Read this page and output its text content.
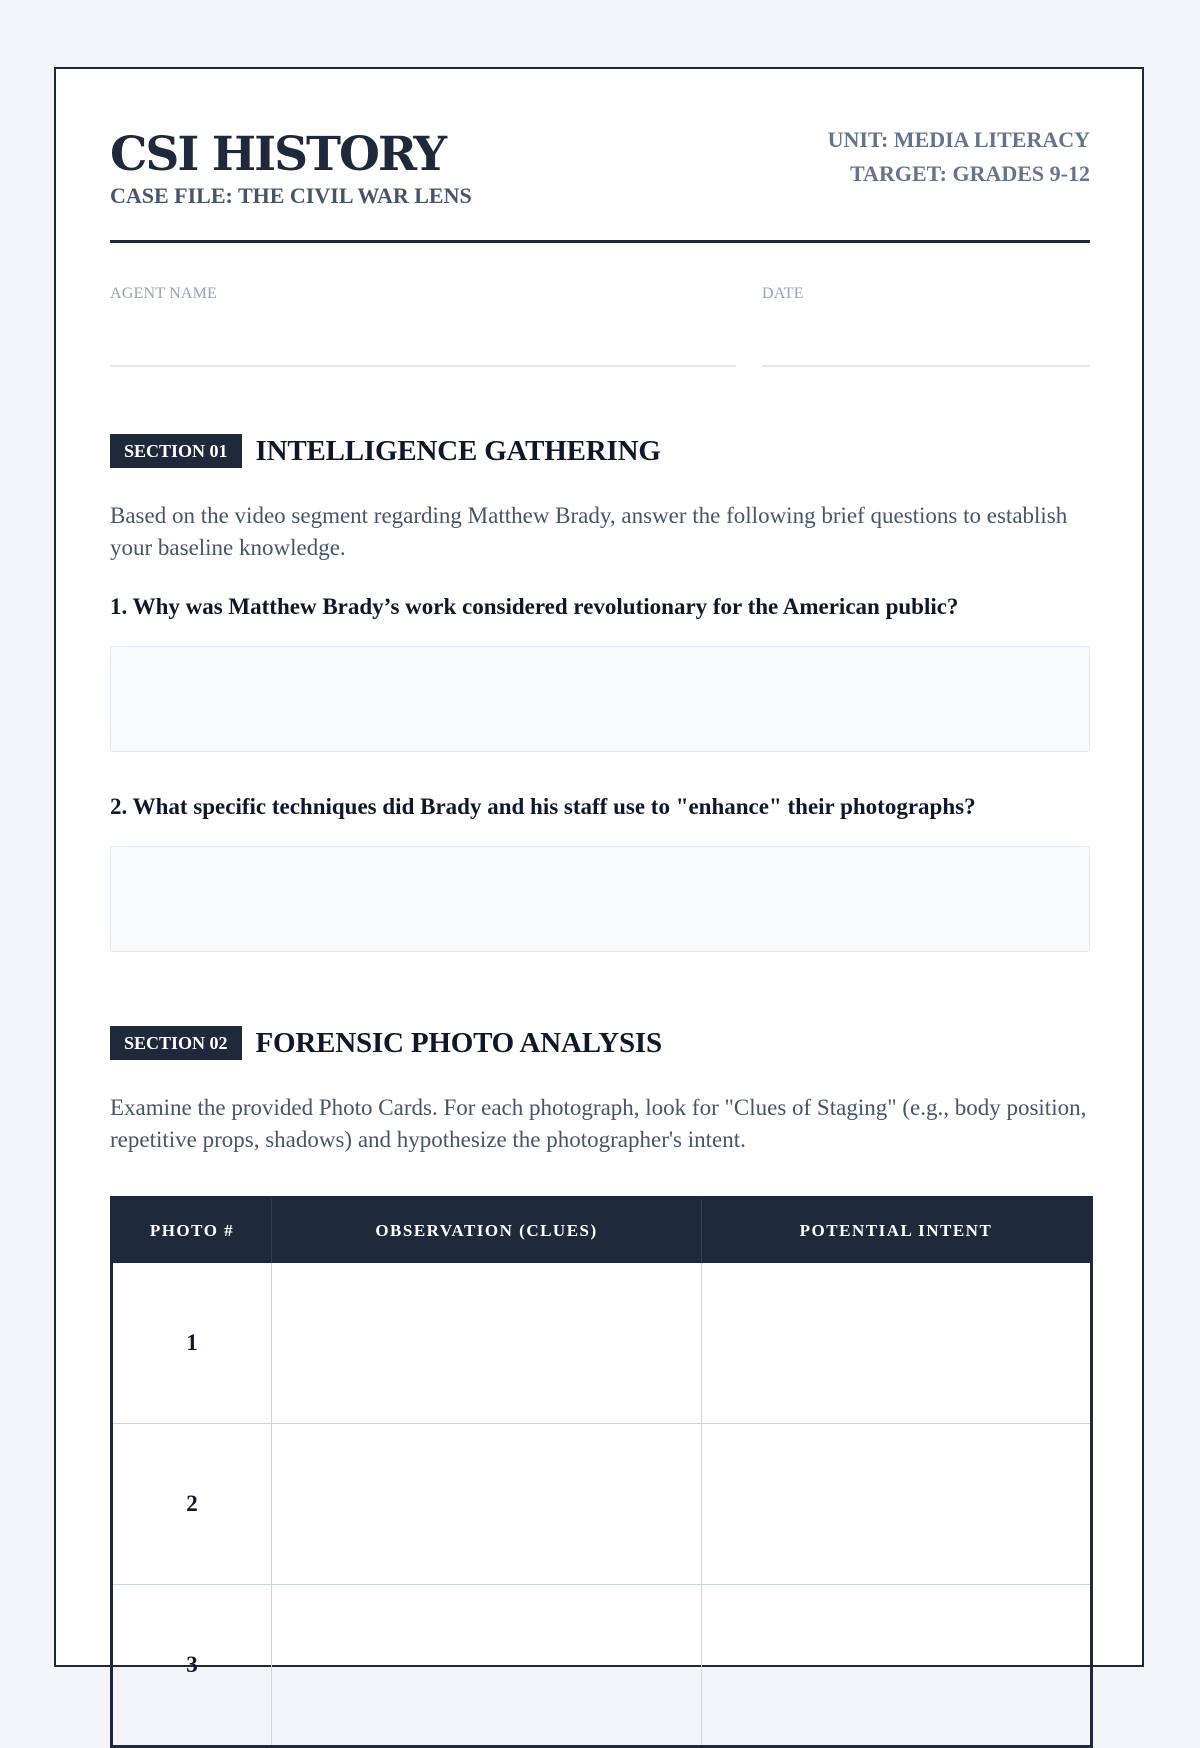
CSI HISTORY
CASE FILE: THE CIVIL WAR LENS
UNIT: MEDIA LITERACY
TARGET: GRADES 9-12
AGENT NAME	DATE
SECTION 01 INTELLIGENCE GATHERING

Based on the video segment regarding Matthew Brady, answer the following brief questions to establish your baseline knowledge.

1. Why was Matthew Brady’s work considered revolutionary for the American public?

2. What specific techniques did Brady and his staff use to "enhance" their photographs?

SECTION 02 FORENSIC PHOTO ANALYSIS

Examine the provided Photo Cards. For each photograph, look for "Clues of Staging" (e.g., body position, repetitive props, shadows) and hypothesize the photographer's intent.

PHOTO #	OBSERVATION (CLUES)	POTENTIAL INTENT
1		
2		
3		
